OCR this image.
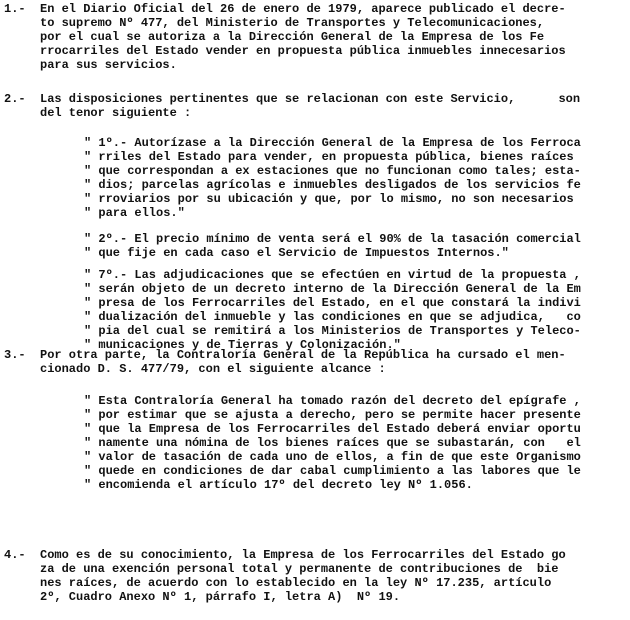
1.- En el Diario Oficial del 26 de enero de 1979, aparece publicado el decre-
to supremo Nº 477, del Ministerio de Transportes y Telecomunicaciones,
por el cual se autoriza a la Dirección General de la Empresa de los Fe
rrocarriles del Estado vender en propuesta pública inmuebles innecesarios
para sus servicios.
2.- Las disposiciones pertinentes que se relacionan con este Servicio,      son
del tenor siguiente :
" 1º.- Autorízase a la Dirección General de la Empresa de los Ferroca
" rriles del Estado para vender, en propuesta pública, bienes raíces
" que correspondan a ex estaciones que no funcionan como tales; esta-
" dios; parcelas agrícolas e inmuebles desligados de los servicios fe
" rroviarios por su ubicación y que, por lo mismo, no son necesarios
" para ellos."
" 2º.- El precio mínimo de venta será el 90% de la tasación comercial
" que fije en cada caso el Servicio de Impuestos Internos."
" 7º.- Las adjudicaciones que se efectúen en virtud de la propuesta ,
" serán objeto de un decreto interno de la Dirección General de la Em
" presa de los Ferrocarriles del Estado, en el que constará la indivi
" dualización del inmueble y las condiciones en que se adjudica,   co
" pia del cual se remitirá a los Ministerios de Transportes y Teleco-
" municaciones y de Tierras y Colonización."
3.- Por otra parte, la Contraloría General de la República ha cursado el men-
cionado D. S. 477/79, con el siguiente alcance :
" Esta Contraloría General ha tomado razón del decreto del epígrafe ,
" por estimar que se ajusta a derecho, pero se permite hacer presente
" que la Empresa de los Ferrocarriles del Estado deberá enviar oportu
" namente una nómina de los bienes raíces que se subastarán, con   el
" valor de tasación de cada uno de ellos, a fin de que este Organismo
" quede en condiciones de dar cabal cumplimiento a las labores que le
" encomienda el artículo 17º del decreto ley Nº 1.056.
4.- Como es de su conocimiento, la Empresa de los Ferrocarriles del Estado go
za de una exención personal total y permanente de contribuciones de  bie
nes raíces, de acuerdo con lo establecido en la ley Nº 17.235, artículo
2º, Cuadro Anexo Nº 1, párrafo I, letra A)  Nº 19.
